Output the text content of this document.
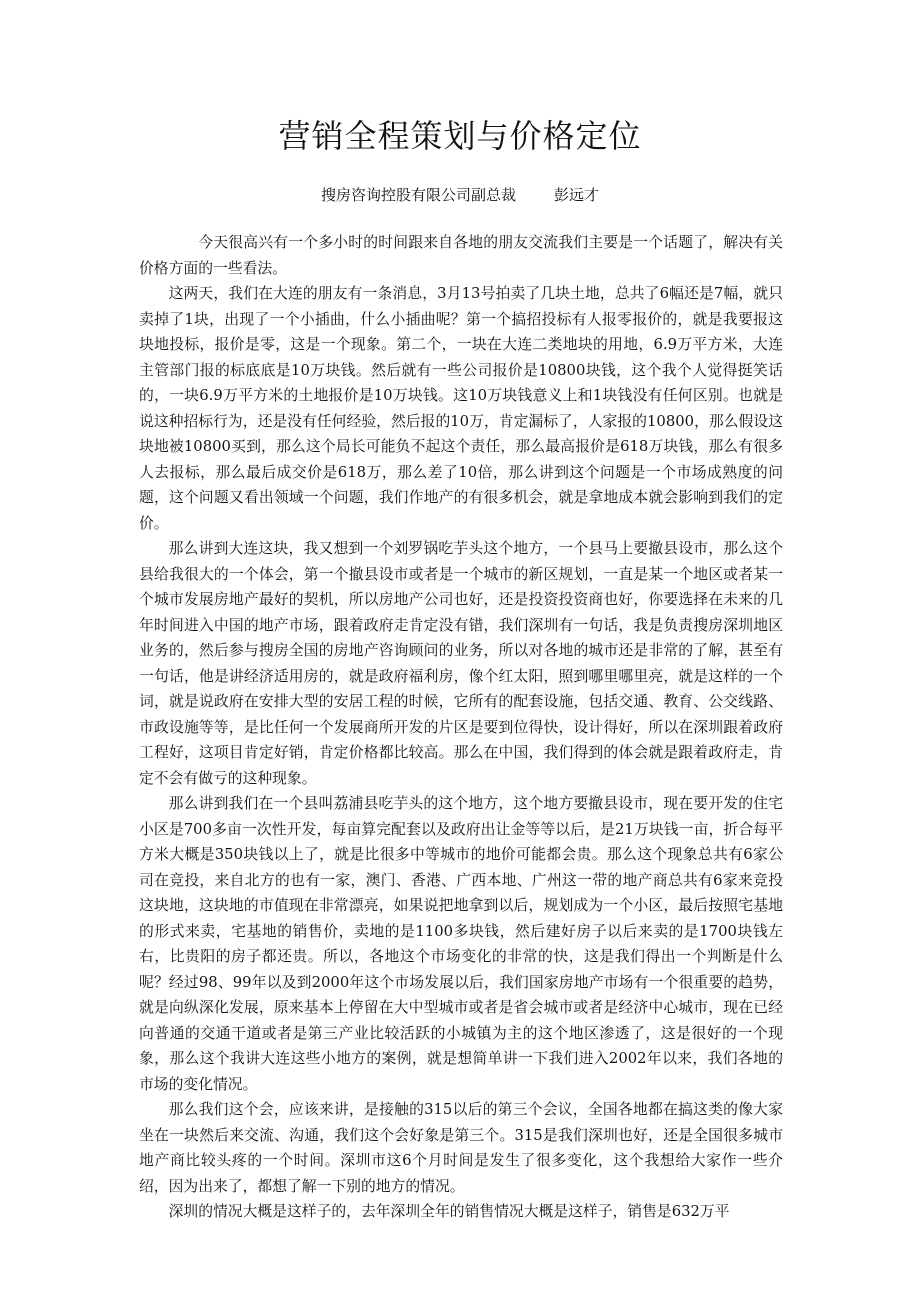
营销全程策划与价格定位
搜房咨询控股有限公司副总裁	彭远才

今天很高兴有一个多小时的时间跟来自各地的朋友交流我们主要是一个话题了，解决有关价格方面的一些看法。

这两天，我们在大连的朋友有一条消息，3月13号拍卖了几块土地，总共了6幅还是7幅，就只卖掉了1块，出现了一个小插曲，什么小插曲呢？第一个搞招投标有人报零报价的，就是我要报这块地投标，报价是零，这是一个现象。第二个，一块在大连二类地块的用地，6.9万平方米，大连主管部门报的标底底是10万块钱。然后就有一些公司报价是10800块钱，这个我个人觉得挺笑话的，一块6.9万平方米的土地报价是10万块钱。这10万块钱意义上和1块钱没有任何区别。也就是说这种招标行为，还是没有任何经验，然后报的10万，肯定漏标了，人家报的10800，那么假设这块地被10800买到，那么这个局长可能负不起这个责任，那么最高报价是618万块钱，那么有很多人去报标，那么最后成交价是618万，那么差了10倍，那么讲到这个问题是一个市场成熟度的问题，这个问题又看出领域一个问题，我们作地产的有很多机会，就是拿地成本就会影响到我们的定价。

那么讲到大连这块，我又想到一个刘罗锅吃芋头这个地方，一个县马上要撤县设市，那么这个县给我很大的一个体会，第一个撤县设市或者是一个城市的新区规划，一直是某一个地区或者某一个城市发展房地产最好的契机，所以房地产公司也好，还是投资投资商也好，你要选择在未来的几年时间进入中国的地产市场，跟着政府走肯定没有错，我们深圳有一句话，我是负责搜房深圳地区业务的，然后参与搜房全国的房地产咨询顾问的业务，所以对各地的城市还是非常的了解，甚至有一句话，他是讲经济适用房的，就是政府福利房，像个红太阳，照到哪里哪里亮，就是这样的一个词，就是说政府在安排大型的安居工程的时候，它所有的配套设施，包括交通、教育、公交线路、市政设施等等，是比任何一个发展商所开发的片区是要到位得快，设计得好，所以在深圳跟着政府工程好，这项目肯定好销，肯定价格都比较高。那么在中国，我们得到的体会就是跟着政府走，肯定不会有做亏的这种现象。

那么讲到我们在一个县叫荔浦县吃芋头的这个地方，这个地方要撤县设市，现在要开发的住宅小区是700多亩一次性开发，每亩算完配套以及政府出让金等等以后，是21万块钱一亩，折合每平方米大概是350块钱以上了，就是比很多中等城市的地价可能都会贵。那么这个现象总共有6家公司在竞投，来自北方的也有一家，澳门、香港、广西本地、广州这一带的地产商总共有6家来竞投这块地，这块地的市值现在非常漂亮，如果说把地拿到以后，规划成为一个小区，最后按照宅基地的形式来卖，宅基地的销售价，卖地的是1100多块钱，然后建好房子以后来卖的是1700块钱左右，比贵阳的房子都还贵。所以，各地这个市场变化的非常的快，这是我们得出一个判断是什么呢？经过98、99年以及到2000年这个市场发展以后，我们国家房地产市场有一个很重要的趋势，就是向纵深化发展，原来基本上停留在大中型城市或者是省会城市或者是经济中心城市，现在已经向普通的交通干道或者是第三产业比较活跃的小城镇为主的这个地区渗透了，这是很好的一个现象，那么这个我讲大连这些小地方的案例，就是想简单讲一下我们进入2002年以来，我们各地的市场的变化情况。

那么我们这个会，应该来讲，是接触的315以后的第三个会议，全国各地都在搞这类的像大家坐在一块然后来交流、沟通，我们这个会好象是第三个。315是我们深圳也好，还是全国很多城市地产商比较头疼的一个时间。深圳市这6个月时间是发生了很多变化，这个我想给大家作一些介绍，因为出来了，都想了解一下别的地方的情况。

深圳的情况大概是这样子的，去年深圳全年的销售情况大概是这样子，销售是632万平
